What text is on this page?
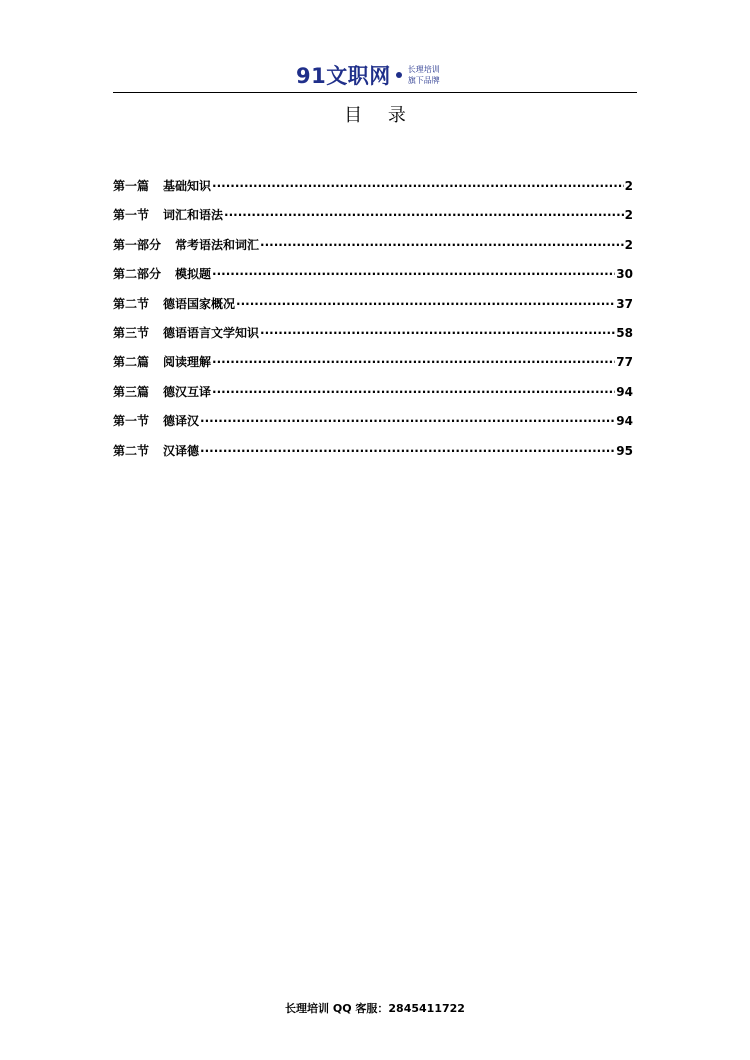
91文职网 长理培训
旗下品牌
目 录
第一篇 基础知识 ·····	2
第一节 词汇和语法 ·····	2
第一部分 常考语法和词汇 ·····	2
第二部分 模拟题 ·····	30
第二节 德语国家概况 ·····	37
第三节 德语语言文学知识 ·····	58
第二篇 阅读理解 ·····	77
第三篇 德汉互译 ·····	94
第一节 德译汉 ·····	94
第二节 汉译德 ·····	95
长理培训 QQ 客服：2845411722
